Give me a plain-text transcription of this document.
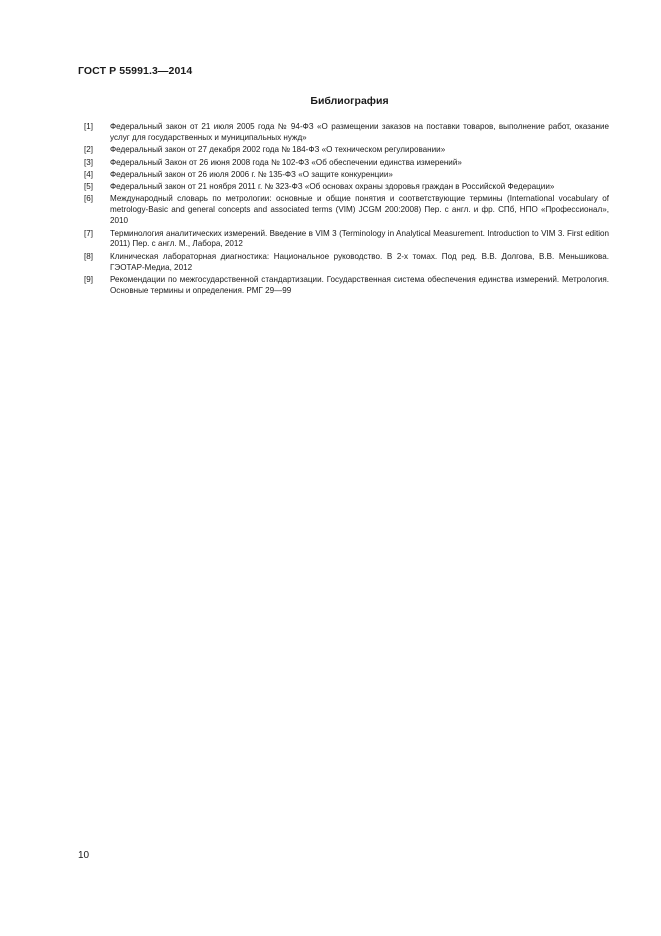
ГОСТ Р 55991.3—2014
Библиография
[1]	Федеральный закон от 21 июля 2005 года № 94-ФЗ «О размещении заказов на поставки товаров, выполнение работ, оказание услуг для государственных и муниципальных нужд»
[2]	Федеральный закон от 27 декабря 2002 года № 184-ФЗ «О техническом регулировании»
[3]	Федеральный Закон от 26 июня 2008 года № 102-ФЗ «Об обеспечении единства измерений»
[4]	Федеральный закон от 26 июля 2006 г. № 135-ФЗ «О защите конкуренции»
[5]	Федеральный закон от 21 ноября 2011 г. № 323-ФЗ «Об основах охраны здоровья граждан в Российской Федерации»
[6]	Международный словарь по метрологии: основные и общие понятия и соответствующие термины (International vocabulary of metrology-Basic and general concepts and associated terms (VIM) JCGM 200:2008) Пер. с англ. и фр. СПб, НПО «Профессионал», 2010
[7]	Терминология аналитических измерений. Введение в VIM 3 (Terminology in Analytical Measurement. Introduction to VIM 3. First edition 2011) Пер. с англ. М., Лабора, 2012
[8]	Клиническая лабораторная диагностика: Национальное руководство. В 2-х томах. Под ред. В.В. Долгова, В.В. Меньшикова. ГЭОТАР-Медиа, 2012
[9]	Рекомендации по межгосударственной стандартизации. Государственная система обеспечения единства измерений. Метрология. Основные термины и определения. РМГ 29—99
10
